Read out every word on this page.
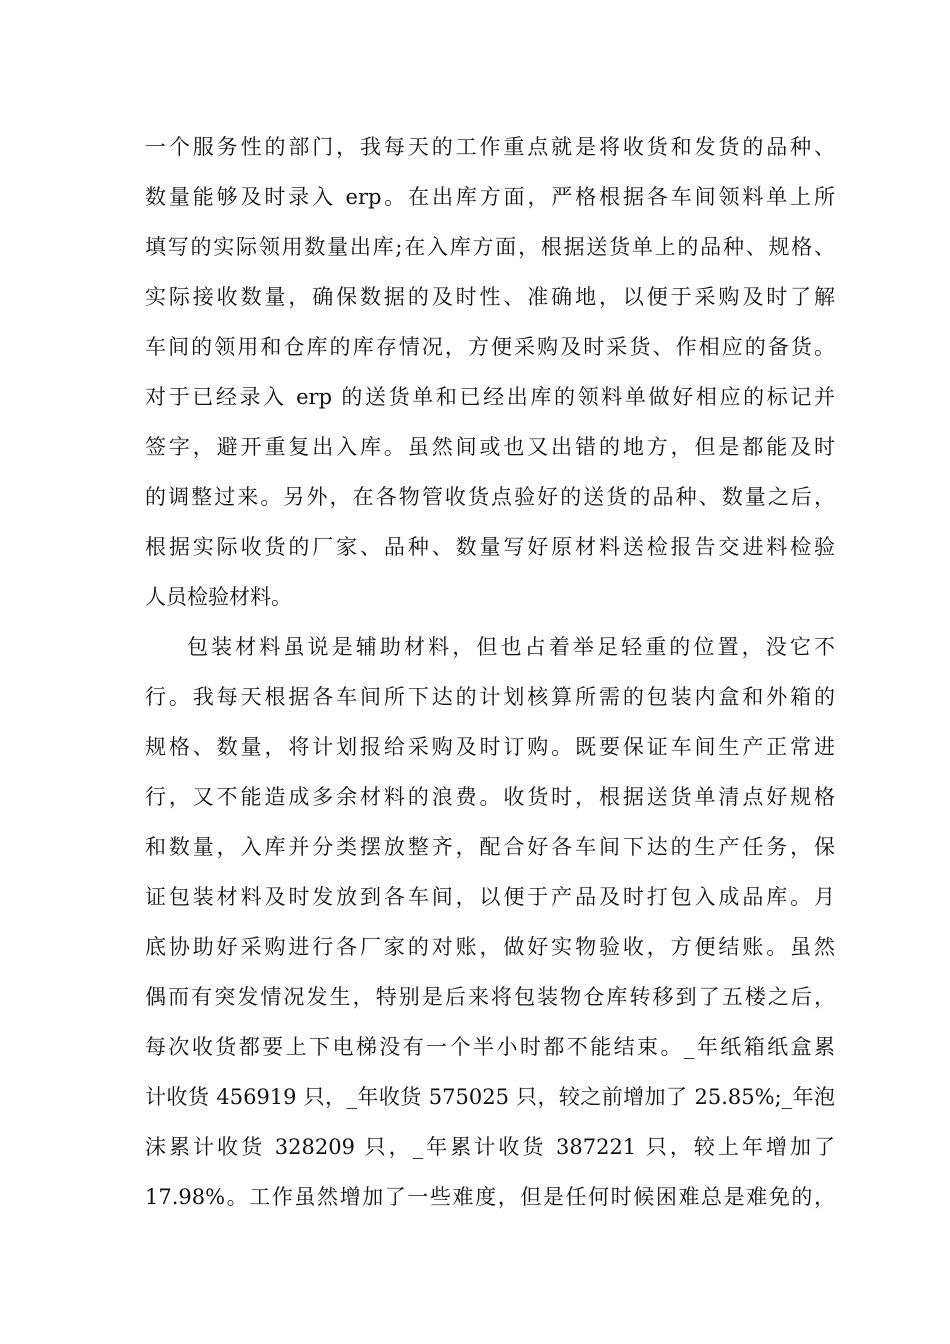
一个服务性的部门，我每天的工作重点就是将收货和发货的品种、
数量能够及时录入 erp。在出库方面，严格根据各车间领料单上所
填写的实际领用数量出库;在入库方面，根据送货单上的品种、规格、
实际接收数量，确保数据的及时性、准确地，以便于采购及时了解
车间的领用和仓库的库存情况，方便采购及时采货、作相应的备货。
对于已经录入 erp 的送货单和已经出库的领料单做好相应的标记并
签字，避开重复出入库。虽然间或也又出错的地方，但是都能及时
的调整过来。另外，在各物管收货点验好的送货的品种、数量之后，
根据实际收货的厂家、品种、数量写好原材料送检报告交进料检验
人员检验材料。
包装材料虽说是辅助材料，但也占着举足轻重的位置，没它不
行。我每天根据各车间所下达的计划核算所需的包装内盒和外箱的
规格、数量，将计划报给采购及时订购。既要保证车间生产正常进
行，又不能造成多余材料的浪费。收货时，根据送货单清点好规格
和数量，入库并分类摆放整齐，配合好各车间下达的生产任务，保
证包装材料及时发放到各车间，以便于产品及时打包入成品库。月
底协助好采购进行各厂家的对账，做好实物验收，方便结账。虽然
偶而有突发情况发生，特别是后来将包装物仓库转移到了五楼之后，
每次收货都要上下电梯没有一个半小时都不能结束。_年纸箱纸盒累
计收货 456919 只，_年收货 575025 只，较之前增加了 25.85%;_年泡
沫累计收货 328209 只，_年累计收货 387221 只，较上年增加了
17.98%。工作虽然增加了一些难度，但是任何时候困难总是难免的，
